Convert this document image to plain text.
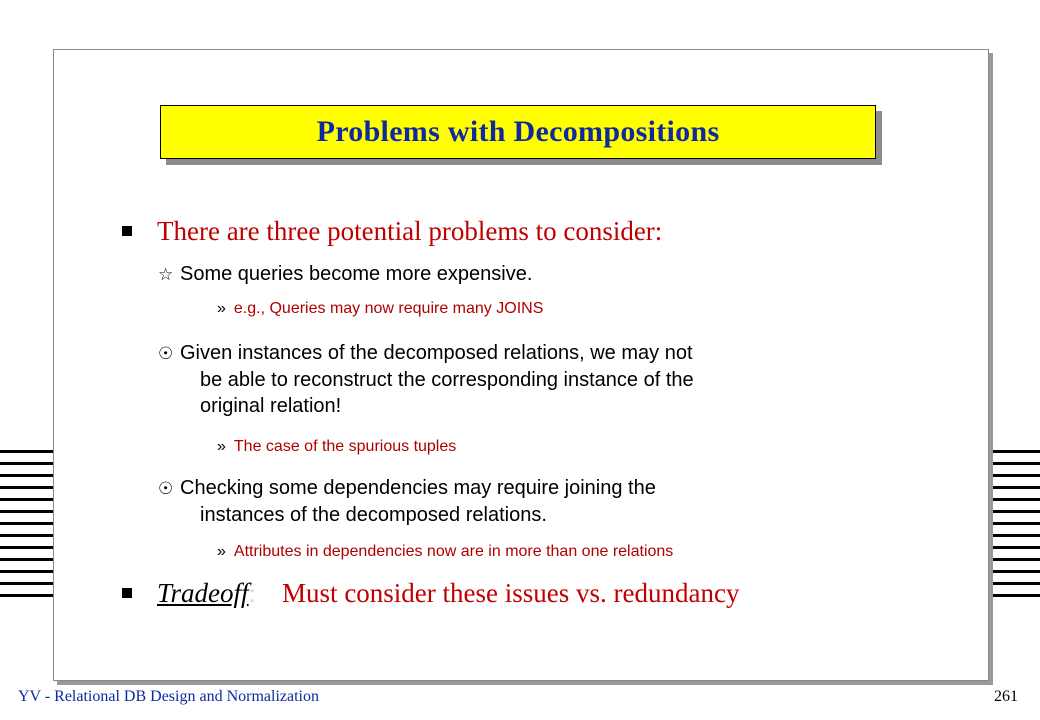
Problems with Decompositions
There are three potential problems to consider:
☆ Some queries become more expensive.
» e.g., Queries may now require many JOINS
☉ Given instances of the decomposed relations, we may not
be able to reconstruct the corresponding instance of the
original relation!
» The case of the spurious tuples
☉ Checking some dependencies may require joining the
instances of the decomposed relations.
» Attributes in dependencies now are in more than one relations
Tradeoff: Must consider these issues vs. redundancy
YV - Relational DB Design and Normalization	261
